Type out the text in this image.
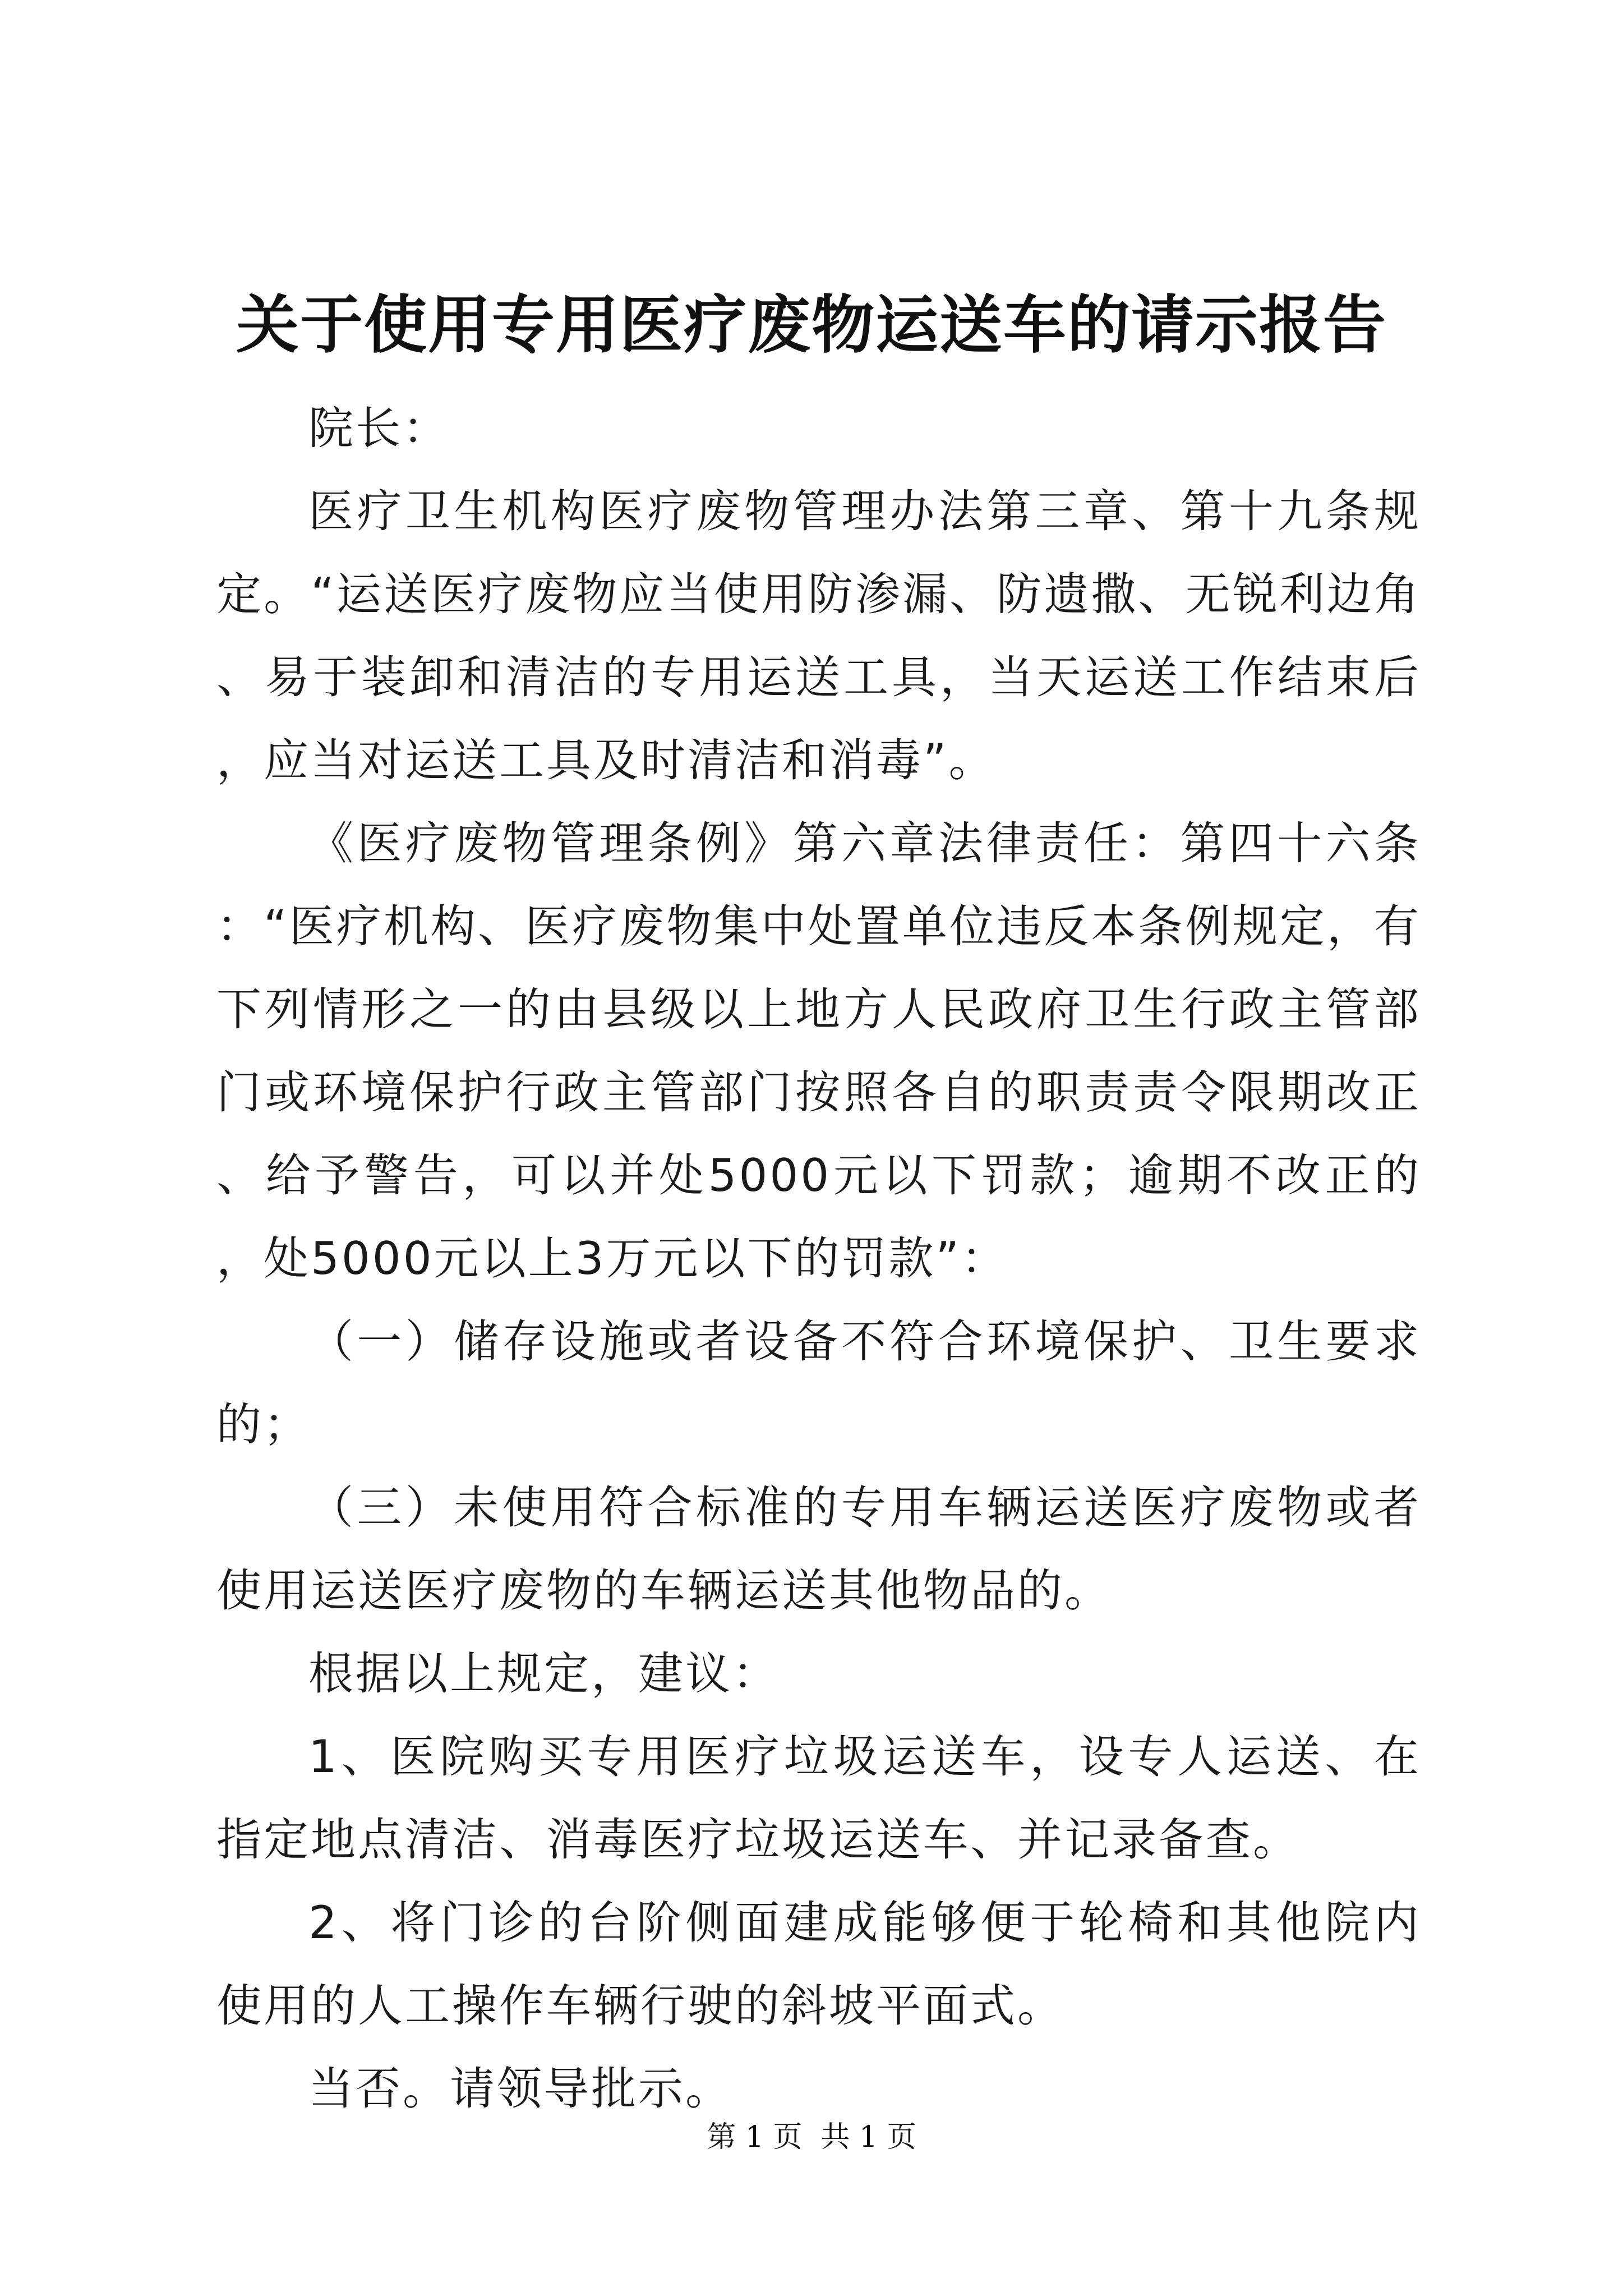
关于使用专用医疗废物运送车的请示报告

院长：

医疗卫生机构医疗废物管理办法第三章、第十九条规定。“运送医疗废物应当使用防渗漏、防遗撒、无锐利边角、易于装卸和清洁的专用运送工具，当天运送工作结束后，应当对运送工具及时清洁和消毒”。

《医疗废物管理条例》第六章法律责任：第四十六条：“医疗机构、医疗废物集中处置单位违反本条例规定，有下列情形之一的由县级以上地方人民政府卫生行政主管部门或环境保护行政主管部门按照各自的职责责令限期改正、给予警告，可以并处5000元以下罚款；逾期不改正的，处5000元以上3万元以下的罚款”：

（一）储存设施或者设备不符合环境保护、卫生要求的；

（三）未使用符合标准的专用车辆运送医疗废物或者使用运送医疗废物的车辆运送其他物品的。

根据以上规定，建议：

1、医院购买专用医疗垃圾运送车，设专人运送、在指定地点清洁、消毒医疗垃圾运送车、并记录备查。

2、将门诊的台阶侧面建成能够便于轮椅和其他院内使用的人工操作车辆行驶的斜坡平面式。

当否。请领导批示。

第 1 页  共 1 页
